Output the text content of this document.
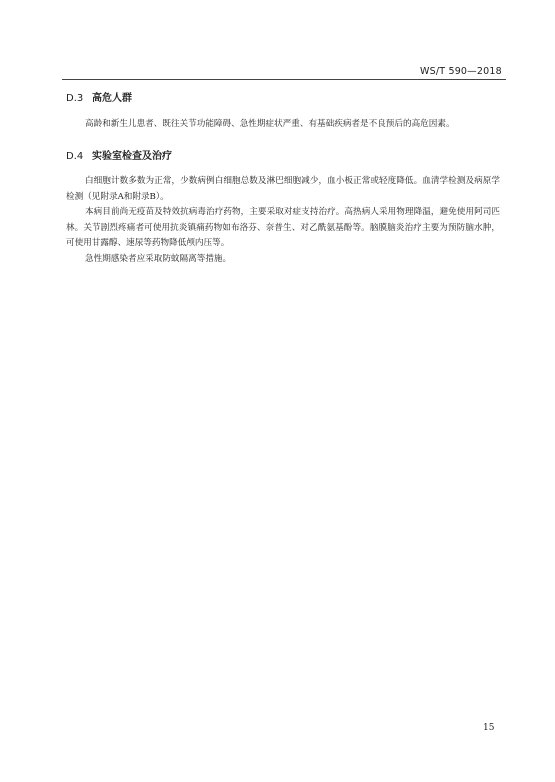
WS/T 590—2018
D.3 高危人群
高龄和新生儿患者、既往关节功能障碍、急性期症状严重、有基础疾病者是不良预后的高危因素。
D.4 实验室检查及治疗
白细胞计数多数为正常，少数病例白细胞总数及淋巴细胞减少，血小板正常或轻度降低。血清学检测及病原学检测（见附录A和附录B）。
本病目前尚无疫苗及特效抗病毒治疗药物，主要采取对症支持治疗。高热病人采用物理降温，避免使用阿司匹林。关节剧烈疼痛者可使用抗炎镇痛药物如布洛芬、奈普生、对乙酰氨基酚等。脑膜脑炎治疗主要为预防脑水肿，可使用甘露醇、速尿等药物降低颅内压等。
急性期感染者应采取防蚊隔离等措施。
15
